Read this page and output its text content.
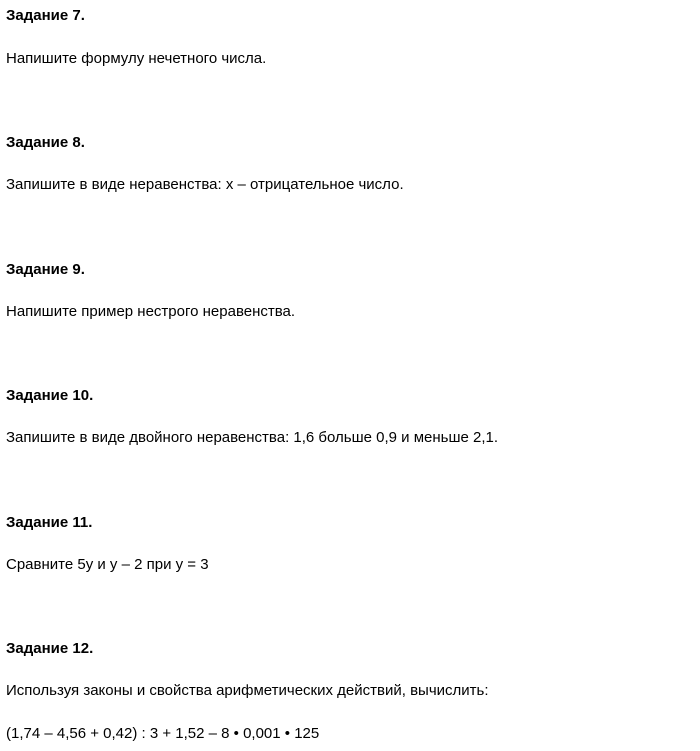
Задание 7.
Напишите формулу нечетного числа.
Задание 8.
Запишите в виде неравенства: х – отрицательное число.
Задание 9.
Напишите пример нестрого неравенства.
Задание 10.
Запишите в виде двойного неравенства: 1,6 больше 0,9 и меньше 2,1.
Задание 11.
Сравните 5у и у – 2 при у = 3
Задание 12.
Используя законы и свойства арифметических действий, вычислить:
(1,74 – 4,56 + 0,42) : 3 + 1,52 – 8 • 0,001 • 125
